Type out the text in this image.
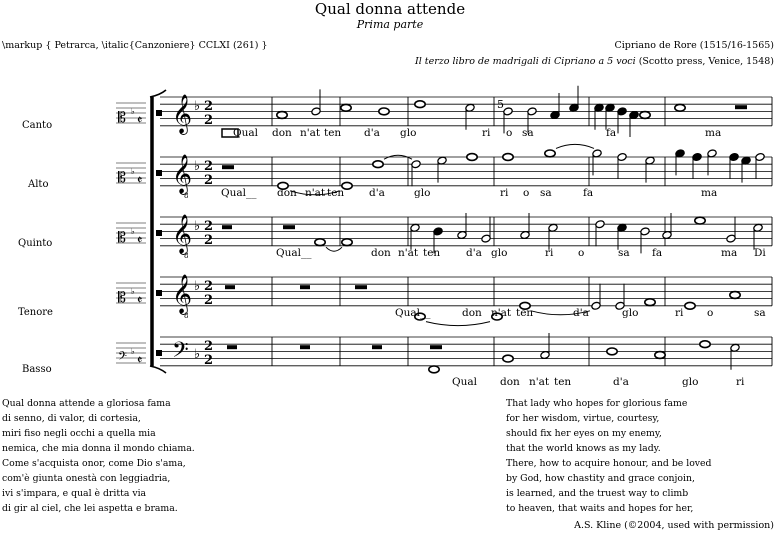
Qual donna attende
Prima parte
\markup { Petrarca, \italic{Canzoniere} CCLXI (261) }	Cipriano de Rore (1515/16-1565)
Il terzo libro de madrigali di Cipriano a 5 voci (Scotto press, Venice, 1548)
Canto
Alto
Quinto
Tenore
Basso
𝄞 ♭ 2
2
𝄞
8
♭ 2
2
𝄞
8
♭ 2
2
𝄞
8
♭ 2
2
𝄢 ♭
2
2
𝄡 ♭
𝄵
𝄡 ♭
𝄵
𝄡 ♭
𝄵
𝄡 ♭
𝄵
𝄢 ♭
𝄵
5
Qual don n'at ten d'a glo	ri o sa	fa	ma
Qual__ don n'at ten d'a	glo	ri o sa	fa	ma
Qual__	don n'at ten d'a glo	ri o	sa fa	ma Di
Qual__	don n'at ten	d'a	glo	ri o	sa
Qual don n'at ten	d'a	glo	ri
Qual donna attende a gloriosa fama
di senno, di valor, di cortesia,
miri fiso negli occhi a quella mia
nemica, che mia donna il mondo chiama.
Come s'acquista onor, come Dio s'ama,
com'è giunta onestà con leggiadria,
ivi s'impara, e qual è dritta via
di gir al ciel, che lei aspetta e brama.
That lady who hopes for glorious fame
for her wisdom, virtue, courtesy,
should fix her eyes on my enemy,
that the world knows as my lady.
There, how to acquire honour, and be loved
by God, how chastity and grace conjoin,
is learned, and the truest way to climb
to heaven, that waits and hopes for her,
A.S. Kline (©2004, used with permission)
